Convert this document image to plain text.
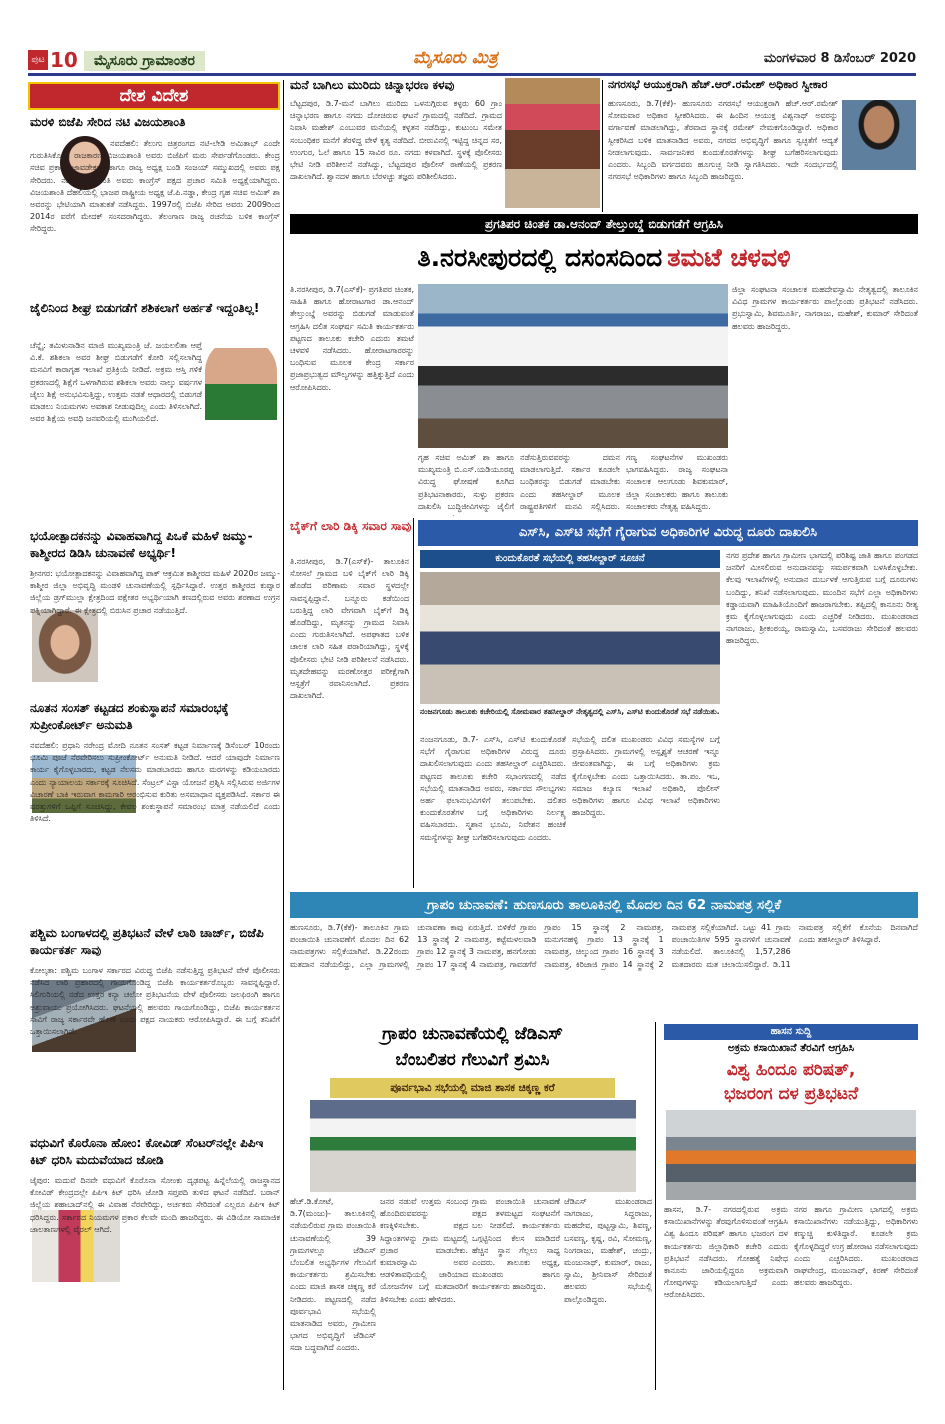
ಪುಟ 10	ಮೈಸೂರು ಗ್ರಾಮಾಂತರ	ಮೈಸೂರು ಮಿತ್ರ	ಮಂಗಳವಾರ 8 ಡಿಸೆಂಬರ್ 2020
ದೇಶ ವಿದೇಶ
ಮರಳಿ ಬಿಜೆಪಿ ಸೇರಿದ ನಟಿ ವಿಜಯಶಾಂತಿ
ನವದೆಹಲಿ: ತೆಲುಗು ಚಿತ್ರರಂಗದ ನಟಿ-ಲೇಡಿ ಅಮಿತಾಭ್ ಎಂದೇ ಗುರುತಿಸಿಕೊಂಡ ರಾಜಕಾರಣಿ ವಿಜಯಶಾಂತಿ ಅವರು ಬಿಜೆಪಿಗೆ ಮರು ಸೇರ್ಪಡೆಗೊಂಡರು. ಕೇಂದ್ರ ಸಚಿವ ಪ್ರಕಾಶ್ ಜಾವಡೇಕರ್ ಹಾಗೂ ರಾಜ್ಯ ಅಧ್ಯಕ್ಷ ಬಂಡಿ ಸಂಜಯ್ ಸಮ್ಮುಖದಲ್ಲಿ ಅವರು ಪಕ್ಷ ಸೇರಿದರು. ನಟಿ ವಿಜಯಶಾಂತಿ ಅವರು ಕಾಂಗ್ರೆಸ್ ಪಕ್ಷದ ಪ್ರಚಾರ ಸಮಿತಿ ಅಧ್ಯಕ್ಷೆಯಾಗಿದ್ದರು. ವಿಜಯಶಾಂತಿ ದೆಹಲಿಯಲ್ಲಿ ಭಾಜಪ ರಾಷ್ಟ್ರೀಯ ಅಧ್ಯಕ್ಷ ಜೆ.ಪಿ.ನಡ್ಡಾ, ಕೇಂದ್ರ ಗೃಹ ಸಚಿವ ಅಮಿತ್ ಶಾ ಅವರನ್ನು ಭೇಟಿಯಾಗಿ ಮಾತುಕತೆ ನಡೆಸಿದ್ದರು. 1997ರಲ್ಲಿ ಬಿಜೆಪಿ ಸೇರಿದ ಅವರು 2009ರಿಂದ 2014ರ ವರೆಗೆ ಮೇದಕ್ ಸಂಸದರಾಗಿದ್ದರು. ತೆಲಂಗಾಣ ರಾಜ್ಯ ರಚನೆಯ ಬಳಿಕ ಕಾಂಗ್ರೆಸ್ ಸೇರಿದ್ದರು.
ಜೈಲಿನಿಂದ ಶೀಘ್ರ ಬಿಡುಗಡೆಗೆ ಶಶಿಕಲಾಗೆ ಅರ್ಹತೆ ಇದ್ದಂತಿಲ್ಲ!
ಚೆನ್ನೈ: ತಮಿಳುನಾಡಿನ ಮಾಜಿ ಮುಖ್ಯಮಂತ್ರಿ ಜೆ. ಜಯಲಲಿತಾ ಆಪ್ತೆ ವಿ.ಕೆ. ಶಶಿಕಲಾ ಅವರ ಶೀಘ್ರ ಬಿಡುಗಡೆಗೆ ಕೋರಿ ಸಲ್ಲಿಸಲಾಗಿದ್ದ ಮನವಿಗೆ ಕಾರಾಗೃಹ ಇಲಾಖೆ ಪ್ರತಿಕ್ರಿಯೆ ನೀಡಿದೆ. ಅಕ್ರಮ ಆಸ್ತಿ ಗಳಿಕೆ ಪ್ರಕರಣದಲ್ಲಿ ಶಿಕ್ಷೆಗೆ ಒಳಗಾಗಿರುವ ಶಶಿಕಲಾ ಅವರು ನಾಲ್ಕು ವರ್ಷಗಳ ಜೈಲು ಶಿಕ್ಷೆ ಅನುಭವಿಸುತ್ತಿದ್ದು, ಉತ್ತಮ ನಡತೆ ಆಧಾರದಲ್ಲಿ ಬಿಡುಗಡೆ ಮಾಡಲು ನಿಯಮಗಳು ಅವಕಾಶ ನೀಡುವುದಿಲ್ಲ ಎಂದು ತಿಳಿಸಲಾಗಿದೆ. ಅವರ ಶಿಕ್ಷೆಯ ಅವಧಿ ಜನವರಿಯಲ್ಲಿ ಮುಗಿಯಲಿದೆ.
ಭಯೋತ್ಪಾದಕನನ್ನು ವಿವಾಹವಾಗಿದ್ದ ಪಿಒಕೆ ಮಹಿಳೆ ಜಮ್ಮು-ಕಾಶ್ಮೀರದ ಡಿಡಿಸಿ ಚುನಾವಣೆ ಅಭ್ಯರ್ಥಿ!
ಶ್ರೀನಗರ: ಭಯೋತ್ಪಾದಕನನ್ನು ವಿವಾಹವಾಗಿದ್ದ ಪಾಕ್ ಆಕ್ರಮಿತ ಕಾಶ್ಮೀರದ ಮಹಿಳೆ 2020ರ ಜಮ್ಮು-ಕಾಶ್ಮೀರ ಜಿಲ್ಲಾ ಅಭಿವೃದ್ಧಿ ಮಂಡಳಿ ಚುನಾವಣೆಯಲ್ಲಿ ಸ್ಪರ್ಧಿಸಿದ್ದಾರೆ. ಉತ್ತರ ಕಾಶ್ಮೀರದ ಕುಪ್ವಾರ ಜಿಲ್ಲೆಯ ಡ್ರಗ್‌ಮುಲ್ಲಾ ಕ್ಷೇತ್ರದಿಂದ ಪಕ್ಷೇತರ ಅಭ್ಯರ್ಥಿಯಾಗಿ ಕಣದಲ್ಲಿರುವ ಅವರು ಶರಣಾದ ಉಗ್ರನ ಪತ್ನಿಯಾಗಿದ್ದಾರೆ. ಈ ಕ್ಷೇತ್ರದಲ್ಲಿ ಬಿರುಸಿನ ಪ್ರಚಾರ ನಡೆಯುತ್ತಿದೆ.
ನೂತನ ಸಂಸತ್ ಕಟ್ಟಡದ ಶಂಕುಸ್ಥಾಪನೆ ಸಮಾರಂಭಕ್ಕೆ ಸುಪ್ರೀಂಕೋರ್ಟ್ ಅನುಮತಿ
ನವದೆಹಲಿ: ಪ್ರಧಾನಿ ನರೇಂದ್ರ ಮೋದಿ ನೂತನ ಸಂಸತ್ ಕಟ್ಟಡ ನಿರ್ಮಾಣಕ್ಕೆ ಡಿಸೆಂಬರ್ 10ರಂದು ಭೂಮಿ ಪೂಜೆ ನೆರವೇರಿಸಲು ಸುಪ್ರೀಂಕೋರ್ಟ್ ಅನುಮತಿ ನೀಡಿದೆ. ಆದರೆ ಯಾವುದೇ ನಿರ್ಮಾಣ ಕಾರ್ಯ ಕೈಗೊಳ್ಳಬಾರದು, ಕಟ್ಟಡ ನೆಲಸಮ ಮಾಡಬಾರದು ಹಾಗೂ ಮರಗಳನ್ನು ಕಡಿಯಬಾರದು ಎಂದು ನ್ಯಾಯಾಲಯ ಸರ್ಕಾರಕ್ಕೆ ಸೂಚಿಸಿದೆ. ಸೆಂಟ್ರಲ್ ವಿಸ್ಟಾ ಯೋಜನೆ ಪ್ರಶ್ನಿಸಿ ಸಲ್ಲಿಸಿರುವ ಅರ್ಜಿಗಳ ವಿಚಾರಣೆ ಬಾಕಿ ಇರುವಾಗ ಕಾಮಗಾರಿ ಆರಂಭಿಸುವ ಕುರಿತು ಅಸಮಾಧಾನ ವ್ಯಕ್ತಪಡಿಸಿದೆ. ಸರ್ಕಾರ ಈ ಷರತ್ತುಗಳಿಗೆ ಒಪ್ಪಿಗೆ ಸೂಚಿಸಿದ್ದು, ಕೇವಲ ಶಂಕುಸ್ಥಾಪನೆ ಸಮಾರಂಭ ಮಾತ್ರ ನಡೆಯಲಿದೆ ಎಂದು ತಿಳಿಸಿದೆ.
ಪಶ್ಚಿಮ ಬಂಗಾಳದಲ್ಲಿ ಪ್ರತಿಭಟನೆ ವೇಳೆ ಲಾಠಿ ಚಾರ್ಜ್, ಬಿಜೆಪಿ ಕಾರ್ಯಕರ್ತ ಸಾವು
ಕೋಲ್ಕತಾ: ಪಶ್ಚಿಮ ಬಂಗಾಳ ಸರ್ಕಾರದ ವಿರುದ್ಧ ಬಿಜೆಪಿ ನಡೆಸುತ್ತಿದ್ದ ಪ್ರತಿಭಟನೆ ವೇಳೆ ಪೊಲೀಸರು ನಡೆಸಿದ ಲಾಠಿ ಪ್ರಹಾರದಲ್ಲಿ ಗಾಯಗೊಂಡಿದ್ದ ಬಿಜೆಪಿ ಕಾರ್ಯಕರ್ತರೊಬ್ಬರು ಸಾವನ್ನಪ್ಪಿದ್ದಾರೆ. ಸಿಲಿಗುರಿಯಲ್ಲಿ ನಡೆದ ಉತ್ತರ ಕನ್ಯಾ ಚಲೋ ಪ್ರತಿಭಟನೆಯ ವೇಳೆ ಪೊಲೀಸರು ಜಲಫಿರಂಗಿ ಹಾಗೂ ಅಶ್ರುವಾಯು ಪ್ರಯೋಗಿಸಿದರು. ಘಟನೆಯಲ್ಲಿ ಹಲವರು ಗಾಯಗೊಂಡಿದ್ದು, ಬಿಜೆಪಿ ಕಾರ್ಯಕರ್ತನ ಸಾವಿಗೆ ರಾಜ್ಯ ಸರ್ಕಾರವೇ ಹೊಣೆ ಎಂದು ಪಕ್ಷದ ನಾಯಕರು ಆರೋಪಿಸಿದ್ದಾರೆ. ಈ ಬಗ್ಗೆ ತನಿಖೆಗೆ ಒತ್ತಾಯಿಸಲಾಗಿದೆ.
ವಧುವಿಗೆ ಕೊರೊನಾ ಹೋಂ: ಕೋವಿಡ್ ಸೆಂಟರ್‌ನಲ್ಲೇ ಪಿಪಿಇ ಕಿಟ್ ಧರಿಸಿ ಮದುವೆಯಾದ ಜೋಡಿ
ಜೈಪುರ: ಮದುವೆ ದಿನವೇ ವಧುವಿಗೆ ಕೊರೊನಾ ಸೋಂಕು ದೃಢಪಟ್ಟ ಹಿನ್ನೆಲೆಯಲ್ಲಿ ರಾಜಸ್ಥಾನದ ಕೋವಿಡ್ ಕೇಂದ್ರದಲ್ಲೇ ಪಿಪಿಇ ಕಿಟ್ ಧರಿಸಿ ಜೋಡಿ ಸಪ್ತಪದಿ ತುಳಿದ ಘಟನೆ ನಡೆದಿದೆ. ಬರಾನ್ ಜಿಲ್ಲೆಯ ಶಹಾಬಾದ್‌ನಲ್ಲಿ ಈ ವಿವಾಹ ನೆರವೇರಿದ್ದು, ಅರ್ಚಕರು ಸೇರಿದಂತೆ ಎಲ್ಲರೂ ಪಿಪಿಇ ಕಿಟ್ ಧರಿಸಿದ್ದರು. ಸರ್ಕಾರದ ನಿಯಮಗಳ ಪ್ರಕಾರ ಕೆಲವೇ ಮಂದಿ ಹಾಜರಿದ್ದರು. ಈ ವಿಡಿಯೋ ಸಾಮಾಜಿಕ ಜಾಲತಾಣಗಳಲ್ಲಿ ವೈರಲ್ ಆಗಿದೆ.
ಮನೆ ಬಾಗಿಲು ಮುರಿದು ಚಿನ್ನಾಭರಣ ಕಳವು
ಬೆಟ್ಟದಪುರ, ಡಿ.7-ಮನೆ ಬಾಗಿಲು ಮುರಿದು ಒಳನುಗ್ಗಿರುವ ಕಳ್ಳರು 60 ಗ್ರಾಂ ಚಿನ್ನಾಭರಣ ಹಾಗೂ ನಗದು ದೋಚಿರುವ ಘಟನೆ ಗ್ರಾಮದಲ್ಲಿ ನಡೆದಿದೆ. ಗ್ರಾಮದ ನಿವಾಸಿ ಮಹೇಶ್ ಎಂಬುವರ ಮನೆಯಲ್ಲಿ ಕಳ್ಳತನ ನಡೆದಿದ್ದು, ಕುಟುಂಬ ಸಮೇತ ಸಂಬಂಧಿಕರ ಮನೆಗೆ ತೆರಳಿದ್ದ ವೇಳೆ ಕೃತ್ಯ ನಡೆದಿದೆ. ಬೀರುವಿನಲ್ಲಿ ಇಟ್ಟಿದ್ದ ಚಿನ್ನದ ಸರ, ಉಂಗುರ, ಓಲೆ ಹಾಗೂ 15 ಸಾವಿರ ರೂ. ನಗದು ಕಳವಾಗಿದೆ. ಸ್ಥಳಕ್ಕೆ ಪೊಲೀಸರು ಭೇಟಿ ನೀಡಿ ಪರಿಶೀಲನೆ ನಡೆಸಿದ್ದು, ಬೆಟ್ಟದಪುರ ಪೊಲೀಸ್ ಠಾಣೆಯಲ್ಲಿ ಪ್ರಕರಣ ದಾಖಲಾಗಿದೆ. ಶ್ವಾನದಳ ಹಾಗೂ ಬೆರಳಚ್ಚು ತಜ್ಞರು ಪರಿಶೀಲಿಸಿದರು.
ನಗರಸಭೆ ಆಯುಕ್ತರಾಗಿ ಹೆಚ್.ಆರ್.ರಮೇಶ್ ಅಧಿಕಾರ ಸ್ವೀಕಾರ
ಹುಣಸೂರು, ಡಿ.7(ಕೆಕೆ)- ಹುಣಸೂರು ನಗರಸಭೆ ಆಯುಕ್ತರಾಗಿ ಹೆಚ್.ಆರ್.ರಮೇಶ್ ಸೋಮವಾರ ಅಧಿಕಾರ ಸ್ವೀಕರಿಸಿದರು. ಈ ಹಿಂದಿನ ಆಯುಕ್ತ ವಿಶ್ವನಾಥ್ ಅವರನ್ನು ವರ್ಗಾವಣೆ ಮಾಡಲಾಗಿದ್ದು, ತೆರವಾದ ಸ್ಥಾನಕ್ಕೆ ರಮೇಶ್ ನೇಮಕಗೊಂಡಿದ್ದಾರೆ. ಅಧಿಕಾರ ಸ್ವೀಕರಿಸಿದ ಬಳಿಕ ಮಾತನಾಡಿದ ಅವರು, ನಗರದ ಅಭಿವೃದ್ಧಿಗೆ ಹಾಗೂ ಸ್ವಚ್ಛತೆಗೆ ಆದ್ಯತೆ ನೀಡಲಾಗುವುದು. ಸಾರ್ವಜನಿಕರ ಕುಂದುಕೊರತೆಗಳನ್ನು ಶೀಘ್ರ ಬಗೆಹರಿಸಲಾಗುವುದು ಎಂದರು. ಸಿಬ್ಬಂದಿ ವರ್ಗದವರು ಹೂಗುಚ್ಛ ನೀಡಿ ಸ್ವಾಗತಿಸಿದರು. ಇದೇ ಸಂದರ್ಭದಲ್ಲಿ ನಗರಸಭೆ ಅಧಿಕಾರಿಗಳು ಹಾಗೂ ಸಿಬ್ಬಂದಿ ಹಾಜರಿದ್ದರು.
ಪ್ರಗತಿಪರ ಚಿಂತಕ ಡಾ.ಆನಂದ್ ತೇಲ್ತುಂಬ್ಡೆ ಬಿಡುಗಡೆಗೆ ಆಗ್ರಹಿಸಿ
ತಿ.ನರಸೀಪುರದಲ್ಲಿ ದಸಂಸದಿಂದ ತಮಟೆ ಚಳವಳಿ
ತಿ.ನರಸೀಪುರ, ಡಿ.7(ಎಸ್‌ಕೆ)- ಪ್ರಗತಿಪರ ಚಿಂತಕ, ಸಾಹಿತಿ ಹಾಗೂ ಹೋರಾಟಗಾರ ಡಾ.ಆನಂದ್ ತೇಲ್ತುಂಬ್ಡೆ ಅವರನ್ನು ಬಿಡುಗಡೆ ಮಾಡುವಂತೆ ಆಗ್ರಹಿಸಿ ದಲಿತ ಸಂಘರ್ಷ ಸಮಿತಿ ಕಾರ್ಯಕರ್ತರು ಪಟ್ಟಣದ ತಾಲೂಕು ಕಚೇರಿ ಎದುರು ತಮಟೆ ಚಳವಳಿ ನಡೆಸಿದರು. ಹೋರಾಟಗಾರರನ್ನು ಬಂಧಿಸುವ ಮೂಲಕ ಕೇಂದ್ರ ಸರ್ಕಾರ ಪ್ರಜಾಪ್ರಭುತ್ವದ ಮೌಲ್ಯಗಳನ್ನು ಹತ್ತಿಕ್ಕುತ್ತಿದೆ ಎಂದು ಆರೋಪಿಸಿದರು.
ಗೃಹ ಸಚಿವ ಅಮಿತ್ ಶಾ ಹಾಗೂ ಮುಖ್ಯಮಂತ್ರಿ ಬಿ.ಎಸ್.ಯಡಿಯೂರಪ್ಪ ವಿರುದ್ಧ ಘೋಷಣೆ ಕೂಗಿದ ಪ್ರತಿಭಟನಾಕಾರರು, ಸುಳ್ಳು ಪ್ರಕರಣ ದಾಖಲಿಸಿ ಬುದ್ಧಿಜೀವಿಗಳನ್ನು ಜೈಲಿಗೆ
ನಡೆಸುತ್ತಿರುವವರನ್ನು ದಮನ ಮಾಡಲಾಗುತ್ತಿದೆ. ಸರ್ಕಾರ ಕೂಡಲೇ ಬಂಧಿತರನ್ನು ಬಿಡುಗಡೆ ಮಾಡಬೇಕು ಎಂದು ತಹಸೀಲ್ದಾರ್ ಮೂಲಕ ರಾಷ್ಟ್ರಪತಿಗಳಿಗೆ ಮನವಿ ಸಲ್ಲಿಸಿದರು.
ಗಣ್ಯ ಸಂಘಟನೆಗಳ ಮುಖಂಡರು ಭಾಗವಹಿಸಿದ್ದರು. ರಾಜ್ಯ ಸಂಘಟನಾ ಸಂಚಾಲಕ ಆಲಗೂಡು ಶಿವಕುಮಾರ್, ಜಿಲ್ಲಾ ಸಂಚಾಲಕರು ಹಾಗೂ ತಾಲೂಕು ಸಂಚಾಲಕರು ನೇತೃತ್ವ ವಹಿಸಿದ್ದರು.
ಜಿಲ್ಲಾ ಸಂಘಟನಾ ಸಂಚಾಲಕ ಮಹದೇವಸ್ವಾಮಿ ನೇತೃತ್ವದಲ್ಲಿ ತಾಲೂಕಿನ ವಿವಿಧ ಗ್ರಾಮಗಳ ಕಾರ್ಯಕರ್ತರು ಪಾಲ್ಗೊಂಡು ಪ್ರತಿಭಟನೆ ನಡೆಸಿದರು. ಪ್ರಭುಸ್ವಾಮಿ, ಶಿವಮೂರ್ತಿ, ನಾಗರಾಜು, ಮಹೇಶ್, ಕುಮಾರ್ ಸೇರಿದಂತೆ ಹಲವರು ಹಾಜರಿದ್ದರು.
ಬೈಕ್‌ಗೆ ಲಾರಿ ಡಿಕ್ಕಿ ಸವಾರ ಸಾವು
ತಿ.ನರಸೀಪುರ, ಡಿ.7(ಎಸ್‌ಕೆ)- ತಾಲೂಕಿನ ಸೋಸಲೆ ಗ್ರಾಮದ ಬಳಿ ಬೈಕ್‌ಗೆ ಲಾರಿ ಡಿಕ್ಕಿ ಹೊಡೆದ ಪರಿಣಾಮ ಸವಾರ ಸ್ಥಳದಲ್ಲೇ ಸಾವನ್ನಪ್ಪಿದ್ದಾನೆ. ಬನ್ನೂರು ಕಡೆಯಿಂದ ಬರುತ್ತಿದ್ದ ಲಾರಿ ವೇಗವಾಗಿ ಬೈಕ್‌ಗೆ ಡಿಕ್ಕಿ ಹೊಡೆದಿದ್ದು, ಮೃತನನ್ನು ಗ್ರಾಮದ ನಿವಾಸಿ ಎಂದು ಗುರುತಿಸಲಾಗಿದೆ. ಅಪಘಾತದ ಬಳಿಕ ಚಾಲಕ ಲಾರಿ ಸಹಿತ ಪರಾರಿಯಾಗಿದ್ದು, ಸ್ಥಳಕ್ಕೆ ಪೊಲೀಸರು ಭೇಟಿ ನೀಡಿ ಪರಿಶೀಲನೆ ನಡೆಸಿದರು. ಮೃತದೇಹವನ್ನು ಮರಣೋತ್ತರ ಪರೀಕ್ಷೆಗಾಗಿ ಆಸ್ಪತ್ರೆಗೆ ರವಾನಿಸಲಾಗಿದೆ. ಪ್ರಕರಣ ದಾಖಲಾಗಿದೆ.
ಎಸ್‌ಸಿ, ಎಸ್‌ಟಿ ಸಭೆಗೆ ಗೈರಾಗುವ ಅಧಿಕಾರಿಗಳ ವಿರುದ್ಧ ದೂರು ದಾಖಲಿಸಿ
ಕುಂದುಕೊರತೆ ಸಭೆಯಲ್ಲಿ ತಹಸೀಲ್ದಾರ್ ಸೂಚನೆ
ನಂಜನಗೂಡು ತಾಲೂಕು ಕಚೇರಿಯಲ್ಲಿ ಸೋಮವಾರ ತಹಸೀಲ್ದಾರ್ ನೇತೃತ್ವದಲ್ಲಿ ಎಸ್‌ಸಿ, ಎಸ್‌ಟಿ ಕುಂದುಕೊರತೆ ಸಭೆ ನಡೆಯಿತು.
ನಂಜನಗೂಡು, ಡಿ.7- ಎಸ್‌ಸಿ, ಎಸ್‌ಟಿ ಕುಂದುಕೊರತೆ ಸಭೆಗೆ ಗೈರಾಗುವ ಅಧಿಕಾರಿಗಳ ವಿರುದ್ಧ ದೂರು ದಾಖಲಿಸಲಾಗುವುದು ಎಂದು ತಹಸೀಲ್ದಾರ್ ಎಚ್ಚರಿಸಿದರು. ಪಟ್ಟಣದ ತಾಲೂಕು ಕಚೇರಿ ಸಭಾಂಗಣದಲ್ಲಿ ನಡೆದ ಸಭೆಯಲ್ಲಿ ಮಾತನಾಡಿದ ಅವರು, ಸರ್ಕಾರದ ಸೌಲಭ್ಯಗಳು ಅರ್ಹ ಫಲಾನುಭವಿಗಳಿಗೆ ತಲುಪಬೇಕು. ದಲಿತರ ಕುಂದುಕೊರತೆಗಳ ಬಗ್ಗೆ ಅಧಿಕಾರಿಗಳು ನಿರ್ಲಕ್ಷ್ಯ ವಹಿಸಬಾರದು. ಸ್ಮಶಾನ ಭೂಮಿ, ನಿವೇಶನ ಹಂಚಿಕೆ ಸಮಸ್ಯೆಗಳನ್ನು ಶೀಘ್ರ ಬಗೆಹರಿಸಲಾಗುವುದು ಎಂದರು.
ಸಭೆಯಲ್ಲಿ ದಲಿತ ಮುಖಂಡರು ವಿವಿಧ ಸಮಸ್ಯೆಗಳ ಬಗ್ಗೆ ಪ್ರಸ್ತಾಪಿಸಿದರು. ಗ್ರಾಮಗಳಲ್ಲಿ ಅಸ್ಪೃಶ್ಯತೆ ಆಚರಣೆ ಇನ್ನೂ ಜೀವಂತವಾಗಿದ್ದು, ಈ ಬಗ್ಗೆ ಅಧಿಕಾರಿಗಳು ಕ್ರಮ ಕೈಗೊಳ್ಳಬೇಕು ಎಂದು ಒತ್ತಾಯಿಸಿದರು. ತಾ.ಪಂ. ಇಒ, ಸಮಾಜ ಕಲ್ಯಾಣ ಇಲಾಖೆ ಅಧಿಕಾರಿ, ಪೊಲೀಸ್ ಅಧಿಕಾರಿಗಳು ಹಾಗೂ ವಿವಿಧ ಇಲಾಖೆ ಅಧಿಕಾರಿಗಳು ಹಾಜರಿದ್ದರು.
ನಗರ ಪ್ರದೇಶ ಹಾಗೂ ಗ್ರಾಮೀಣ ಭಾಗದಲ್ಲಿ ಪರಿಶಿಷ್ಟ ಜಾತಿ ಹಾಗೂ ಪಂಗಡದ ಜನರಿಗೆ ಮೀಸಲಿರುವ ಅನುದಾನವನ್ನು ಸಮರ್ಪಕವಾಗಿ ಬಳಸಿಕೊಳ್ಳಬೇಕು. ಕೆಲವು ಇಲಾಖೆಗಳಲ್ಲಿ ಅನುದಾನ ದುರ್ಬಳಕೆ ಆಗುತ್ತಿರುವ ಬಗ್ಗೆ ದೂರುಗಳು ಬಂದಿದ್ದು, ತನಿಖೆ ನಡೆಸಲಾಗುವುದು. ಮುಂದಿನ ಸಭೆಗೆ ಎಲ್ಲಾ ಅಧಿಕಾರಿಗಳು ಕಡ್ಡಾಯವಾಗಿ ಮಾಹಿತಿಯೊಂದಿಗೆ ಹಾಜರಾಗಬೇಕು. ತಪ್ಪಿದಲ್ಲಿ ಕಾನೂನು ರೀತ್ಯ ಕ್ರಮ ಕೈಗೊಳ್ಳಲಾಗುವುದು ಎಂದು ಎಚ್ಚರಿಕೆ ನೀಡಿದರು. ಮುಖಂಡರಾದ ನಾಗರಾಜು, ಶ್ರೀಕಂಠಯ್ಯ, ರಾಮಸ್ವಾಮಿ, ಬಸವರಾಜು ಸೇರಿದಂತೆ ಹಲವರು ಹಾಜರಿದ್ದರು.
ಗ್ರಾಪಂ ಚುನಾವಣೆ: ಹುಣಸೂರು ತಾಲೂಕಿನಲ್ಲಿ ಮೊದಲ ದಿನ 62 ನಾಮಪತ್ರ ಸಲ್ಲಿಕೆ
ಹುಣಸೂರು, ಡಿ.7(ಕೆಕೆ)- ತಾಲೂಕಿನ ಗ್ರಾಮ ಪಂಚಾಯಿತಿ ಚುನಾವಣೆಗೆ ಮೊದಲ ದಿನ 62 ನಾಮಪತ್ರಗಳು ಸಲ್ಲಿಕೆಯಾಗಿವೆ. ಡಿ.22ರಂದು ಮತದಾನ ನಡೆಯಲಿದ್ದು, ಎಲ್ಲಾ ಗ್ರಾಮಗಳಲ್ಲಿ ಚುನಾವಣಾ ಕಾವು ಏರುತ್ತಿದೆ. ಬಿಳಿಕೆರೆ ಗ್ರಾಪಂ 13 ಸ್ಥಾನಕ್ಕೆ 2 ನಾಮಪತ್ರ, ಕಟ್ಟೆಮಳಲವಾಡಿ ಗ್ರಾಪಂ 12 ಸ್ಥಾನಕ್ಕೆ 3 ನಾಮಪತ್ರ, ಹನಗೋಡು ಗ್ರಾಪಂ 17 ಸ್ಥಾನಕ್ಕೆ 4 ನಾಮಪತ್ರ, ಗಾವಡಗೆರೆ ಗ್ರಾಪಂ 15 ಸ್ಥಾನಕ್ಕೆ 2 ನಾಮಪತ್ರ, ಮನುಗನಹಳ್ಳಿ ಗ್ರಾಪಂ 13 ಸ್ಥಾನಕ್ಕೆ 1 ನಾಮಪತ್ರ, ಚಿಲ್ಕುಂದ ಗ್ರಾಪಂ 16 ಸ್ಥಾನಕ್ಕೆ 3 ನಾಮಪತ್ರ, ಕಿರಿಜಾಜಿ ಗ್ರಾಪಂ 14 ಸ್ಥಾನಕ್ಕೆ 2 ನಾಮಪತ್ರ ಸಲ್ಲಿಕೆಯಾಗಿದೆ. ಒಟ್ಟು 41 ಗ್ರಾಮ ಪಂಚಾಯಿತಿಗಳ 595 ಸ್ಥಾನಗಳಿಗೆ ಚುನಾವಣೆ ನಡೆಯಲಿದೆ. ತಾಲೂಕಿನಲ್ಲಿ 1,57,286 ಮತದಾರರು ಮತ ಚಲಾಯಿಸಲಿದ್ದಾರೆ. ಡಿ.11 ನಾಮಪತ್ರ ಸಲ್ಲಿಕೆಗೆ ಕೊನೆಯ ದಿನವಾಗಿದೆ ಎಂದು ತಹಸೀಲ್ದಾರ್ ತಿಳಿಸಿದ್ದಾರೆ.
ಗ್ರಾಪಂ ಚುನಾವಣೆಯಲ್ಲಿ ಜೆಡಿಎಸ್
ಬೆಂಬಲಿತರ ಗೆಲುವಿಗೆ ಶ್ರಮಿಸಿ
ಪೂರ್ವಭಾವಿ ಸಭೆಯಲ್ಲಿ ಮಾಜಿ ಶಾಸಕ ಚಿಕ್ಕಣ್ಣ ಕರೆ
ಹೆಚ್.ಡಿ.ಕೋಟೆ, ಡಿ.7(ಮಂಜು)- ತಾಲೂಕಿನಲ್ಲಿ ನಡೆಯಲಿರುವ ಗ್ರಾಮ ಪಂಚಾಯಿತಿ ಚುನಾವಣೆಯಲ್ಲಿ 39 ಗ್ರಾಮಗಳಲ್ಲೂ ಜೆಡಿಎಸ್ ಬೆಂಬಲಿತ ಅಭ್ಯರ್ಥಿಗಳ ಗೆಲುವಿಗೆ ಕಾರ್ಯಕರ್ತರು ಶ್ರಮಿಸಬೇಕು ಎಂದು ಮಾಜಿ ಶಾಸಕ ಚಿಕ್ಕಣ್ಣ ಕರೆ ನೀಡಿದರು. ಪಟ್ಟಣದಲ್ಲಿ ನಡೆದ ಪೂರ್ವಭಾವಿ ಸಭೆಯಲ್ಲಿ ಮಾತನಾಡಿದ ಅವರು, ಗ್ರಾಮೀಣ ಭಾಗದ ಅಭಿವೃದ್ಧಿಗೆ ಜೆಡಿಎಸ್ ಸದಾ ಬದ್ಧವಾಗಿದೆ ಎಂದರು.
ಜನರ ನಡುವೆ ಉತ್ತಮ ಸಂಬಂಧ ಹೊಂದಿರುವವರನ್ನು ಕಣಕ್ಕಿಳಿಸಬೇಕು. ಪಕ್ಷದ ಸಿದ್ಧಾಂತಗಳನ್ನು ಗ್ರಾಮ ಮಟ್ಟದಲ್ಲಿ ಪ್ರಚಾರ ಮಾಡಬೇಕು. ಕುಮಾರಸ್ವಾಮಿ ಅವರ ಆಡಳಿತಾವಧಿಯಲ್ಲಿ ಜಾರಿಯಾದ ಯೋಜನೆಗಳ ಬಗ್ಗೆ ಮತದಾರರಿಗೆ ತಿಳಿಸಬೇಕು ಎಂದು ಹೇಳಿದರು.
ಗ್ರಾಮ ಪಂಚಾಯಿತಿ ಚುನಾವಣೆ ಪಕ್ಷದ ತಳಮಟ್ಟದ ಸಂಘಟನೆಗೆ ಬಲ ನೀಡಲಿದೆ. ಕಾರ್ಯಕರ್ತರು ಒಗ್ಗಟ್ಟಿನಿಂದ ಕೆಲಸ ಮಾಡಿದರೆ ಹೆಚ್ಚಿನ ಸ್ಥಾನ ಗೆಲ್ಲಲು ಸಾಧ್ಯ ಎಂದರು. ತಾಲೂಕು ಅಧ್ಯಕ್ಷ, ಮುಖಂಡರು ಹಾಗೂ ಕಾರ್ಯಕರ್ತರು ಹಾಜರಿದ್ದರು.
ಜೆಡಿಎಸ್ ಮುಖಂಡರಾದ ನಾಗರಾಜು, ಸಿದ್ದರಾಜು, ಮಹದೇವ, ಪುಟ್ಟಸ್ವಾಮಿ, ಶಿವಣ್ಣ, ಬಸವಣ್ಣ, ಕೃಷ್ಣ, ರವಿ, ಸೋಮಣ್ಣ, ನಿಂಗರಾಜು, ಮಹೇಶ್, ಚಂದ್ರು, ಮಂಜುನಾಥ್, ಕುಮಾರ್, ರಾಜು, ಸ್ವಾಮಿ, ಶ್ರೀನಿವಾಸ್ ಸೇರಿದಂತೆ ಹಲವರು ಸಭೆಯಲ್ಲಿ ಪಾಲ್ಗೊಂಡಿದ್ದರು.
ಹಾಸನ ಸುದ್ದಿ
ಅಕ್ರಮ ಕಸಾಯಿಖಾನೆ ತೆರವಿಗೆ ಆಗ್ರಹಿಸಿ
ವಿಶ್ವ ಹಿಂದೂ ಪರಿಷತ್,
ಭಜರಂಗ ದಳ ಪ್ರತಿಭಟನೆ
ಹಾಸನ, ಡಿ.7- ನಗರದಲ್ಲಿರುವ ಅಕ್ರಮ ಕಸಾಯಿಖಾನೆಗಳನ್ನು ತೆರವುಗೊಳಿಸುವಂತೆ ಆಗ್ರಹಿಸಿ ವಿಶ್ವ ಹಿಂದೂ ಪರಿಷತ್ ಹಾಗೂ ಭಜರಂಗ ದಳ ಕಾರ್ಯಕರ್ತರು ಜಿಲ್ಲಾಧಿಕಾರಿ ಕಚೇರಿ ಎದುರು ಪ್ರತಿಭಟನೆ ನಡೆಸಿದರು. ಗೋಹತ್ಯೆ ನಿಷೇಧ ಕಾನೂನು ಜಾರಿಯಲ್ಲಿದ್ದರೂ ಅಕ್ರಮವಾಗಿ ಗೋವುಗಳನ್ನು ಕಡಿಯಲಾಗುತ್ತಿದೆ ಎಂದು ಆರೋಪಿಸಿದರು.
ನಗರ ಹಾಗೂ ಗ್ರಾಮೀಣ ಭಾಗದಲ್ಲಿ ಅಕ್ರಮ ಕಸಾಯಿಖಾನೆಗಳು ನಡೆಯುತ್ತಿದ್ದು, ಅಧಿಕಾರಿಗಳು ಕಣ್ಮುಚ್ಚಿ ಕುಳಿತಿದ್ದಾರೆ. ಕೂಡಲೇ ಕ್ರಮ ಕೈಗೊಳ್ಳದಿದ್ದರೆ ಉಗ್ರ ಹೋರಾಟ ನಡೆಸಲಾಗುವುದು ಎಂದು ಎಚ್ಚರಿಸಿದರು. ಮುಖಂಡರಾದ ರಾಘವೇಂದ್ರ, ಮಂಜುನಾಥ್, ಕಿರಣ್ ಸೇರಿದಂತೆ ಹಲವರು ಹಾಜರಿದ್ದರು.
